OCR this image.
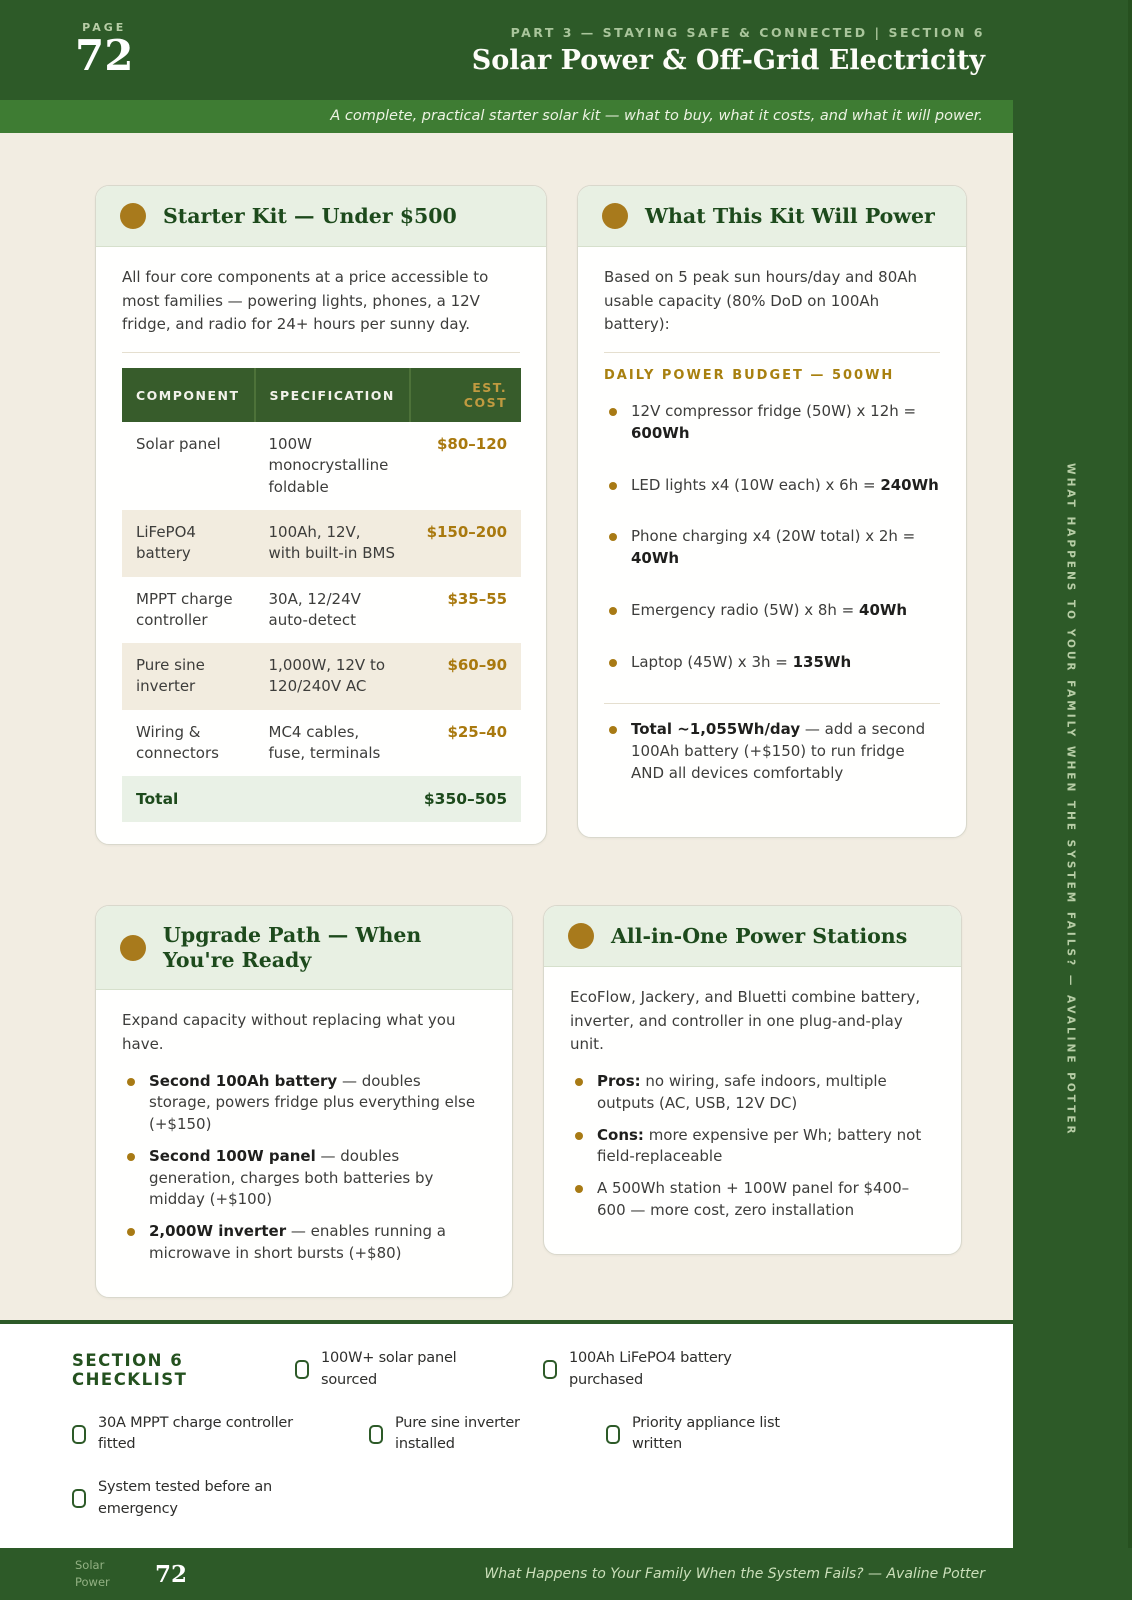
WHAT HAPPENS TO YOUR FAMILY WHEN THE SYSTEM FAILS? — AVALINE POTTER
PAGE
72	PART 3 — STAYING SAFE & CONNECTED | SECTION 6
Solar Power & Off-Grid Electricity
A complete, practical starter solar kit — what to buy, what it costs, and what it will power.
Starter Kit — Under $500

All four core components at a price accessible to most families — powering lights, phones, a 12V fridge, and radio for 24+ hours per sunny day.

COMPONENT	SPECIFICATION	EST. COST
Solar panel	100W monocrystalline foldable	$80–120
LiFePO4 battery	100Ah, 12V, with built-in BMS	$150–200
MPPT charge controller	30A, 12/24V auto-detect	$35–55
Pure sine inverter	1,000W, 12V to 120/240V AC	$60–90
Wiring & connectors	MC4 cables, fuse, terminals	$25–40
Total		$350–505
What This Kit Will Power

Based on 5 peak sun hours/day and 80Ah usable capacity (80% DoD on 100Ah battery):

DAILY POWER BUDGET — 500WH

12V compressor fridge (50W) x 12h = 600Wh
LED lights x4 (10W each) x 6h = 240Wh
Phone charging x4 (20W total) x 2h = 40Wh
Emergency radio (5W) x 8h = 40Wh
Laptop (45W) x 3h = 135Wh
Total ~1,055Wh/day — add a second 100Ah battery (+$150) to run fridge AND all devices comfortably
Upgrade Path — When You're Ready

Expand capacity without replacing what you have.

Second 100Ah battery — doubles storage, powers fridge plus everything else (+$150)
Second 100W panel — doubles generation, charges both batteries by midday (+$100)
2,000W inverter — enables running a microwave in short bursts (+$80)
All-in-One Power Stations

EcoFlow, Jackery, and Bluetti combine battery, inverter, and controller in one plug-and-play unit.

Pros: no wiring, safe indoors, multiple outputs (AC, USB, 12V DC)
Cons: more expensive per Wh; battery not field-replaceable
A 500Wh station + 100W panel for $400–600 — more cost, zero installation
SECTION 6 CHECKLIST
100W+ solar panel sourced
100Ah LiFePO4 battery purchased
30A MPPT charge controller fitted
Pure sine inverter installed
Priority appliance list written
System tested before an emergency
Solar Power	72	What Happens to Your Family When the System Fails? — Avaline Potter
